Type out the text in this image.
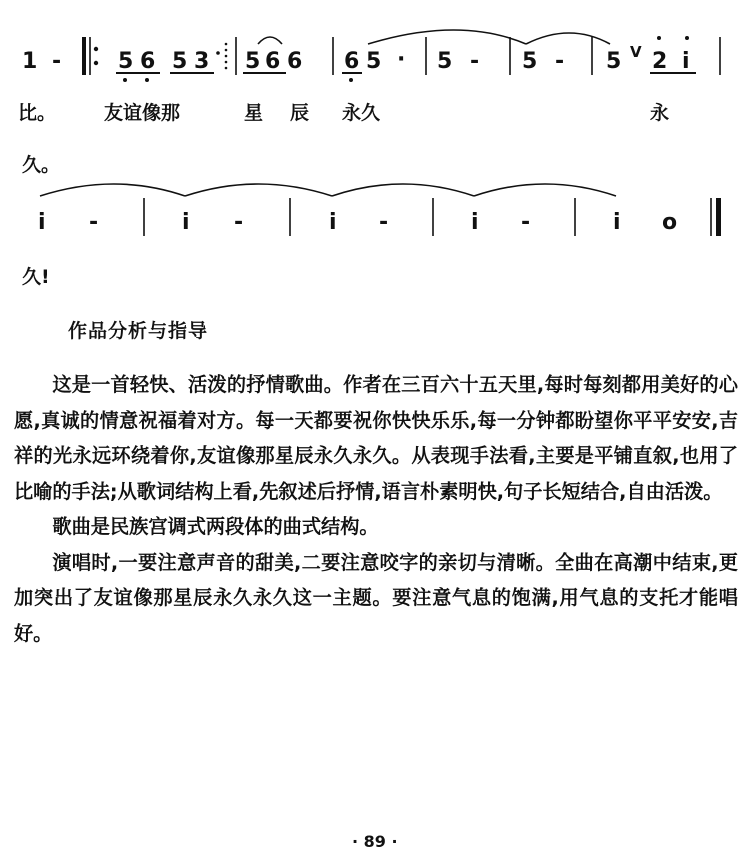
1 -	5 6 5 3 5 6 6 6 5 · 5 - 5 - 5 V 2 i
i -	i -	i -	i -	i o
比。	友谊像那	星 辰 永久	永
久。
久!
作品分析与指导

这是一首轻快、活泼的抒情歌曲。作者在三百六十五天里,每时每刻都用美好的心愿,真诚的情意祝福着对方。每一天都要祝你快快乐乐,每一分钟都盼望你平平安安,吉祥的光永远环绕着你,友谊像那星辰永久永久。从表现手法看,主要是平铺直叙,也用了比喻的手法;从歌词结构上看,先叙述后抒情,语言朴素明快,句子长短结合,自由活泼。

歌曲是民族宫调式两段体的曲式结构。

演唱时,一要注意声音的甜美,二要注意咬字的亲切与清晰。全曲在高潮中结束,更加突出了友谊像那星辰永久永久这一主题。要注意气息的饱满,用气息的支托才能唱好。

· 89 ·
